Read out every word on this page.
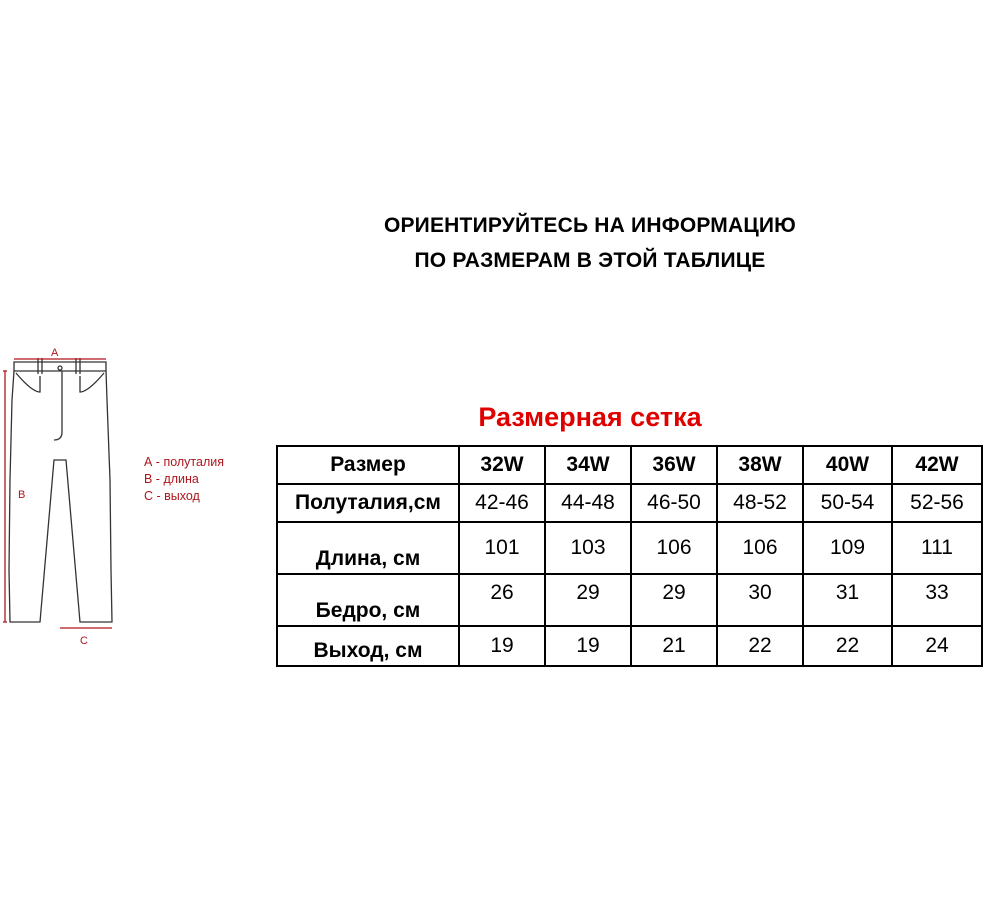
ОРИЕНТИРУЙТЕСЬ НА ИНФОРМАЦИЮ
ПО РАЗМЕРАМ В ЭТОЙ ТАБЛИЦЕ
Размерная сетка
A
B
C
А - полуталия
В - длина
С - выход
Размер	32W	34W	36W	38W	40W	42W
Полуталия,см	42-46	44-48	46-50	48-52	50-54	52-56
Длина, см	101	103	106	106	109	111
Бедро, см	26	29	29	30	31	33
Выход, см	19	19	21	22	22	24
